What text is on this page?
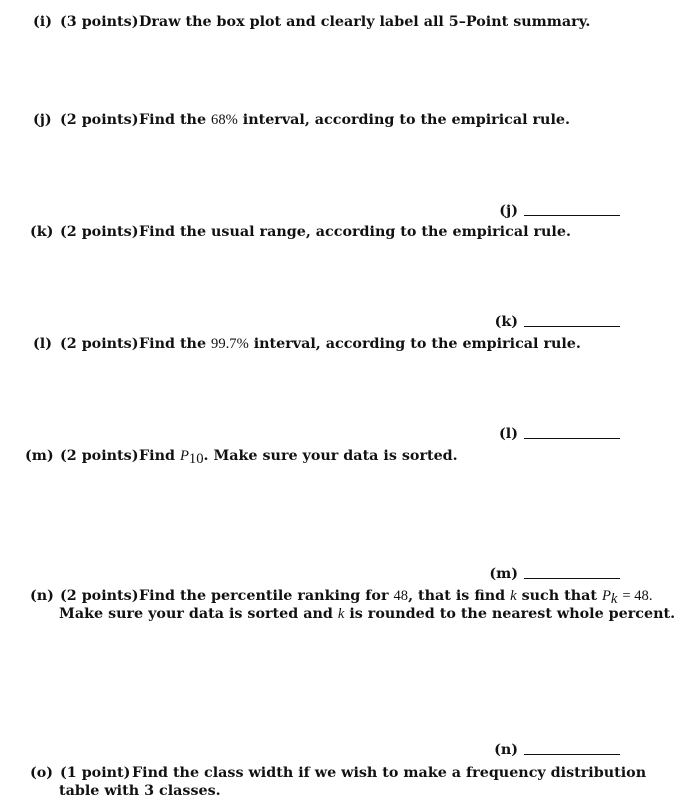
(i) (3 points) Draw the box plot and clearly label all 5–Point summary.
(j) (2 points) Find the 68% interval, according to the empirical rule.
(j)
(k) (2 points) Find the usual range, according to the empirical rule.
(k)
(l) (2 points) Find the 99.7% interval, according to the empirical rule.
(l)
(m) (2 points) Find P10. Make sure your data is sorted.
(m)
(n) (2 points) Find the percentile ranking for 48, that is find k such that Pk = 48.
Make sure your data is sorted and k is rounded to the nearest whole percent.
(n)
(o) (1 point) Find the class width if we wish to make a frequency distribution
table with 3 classes.
